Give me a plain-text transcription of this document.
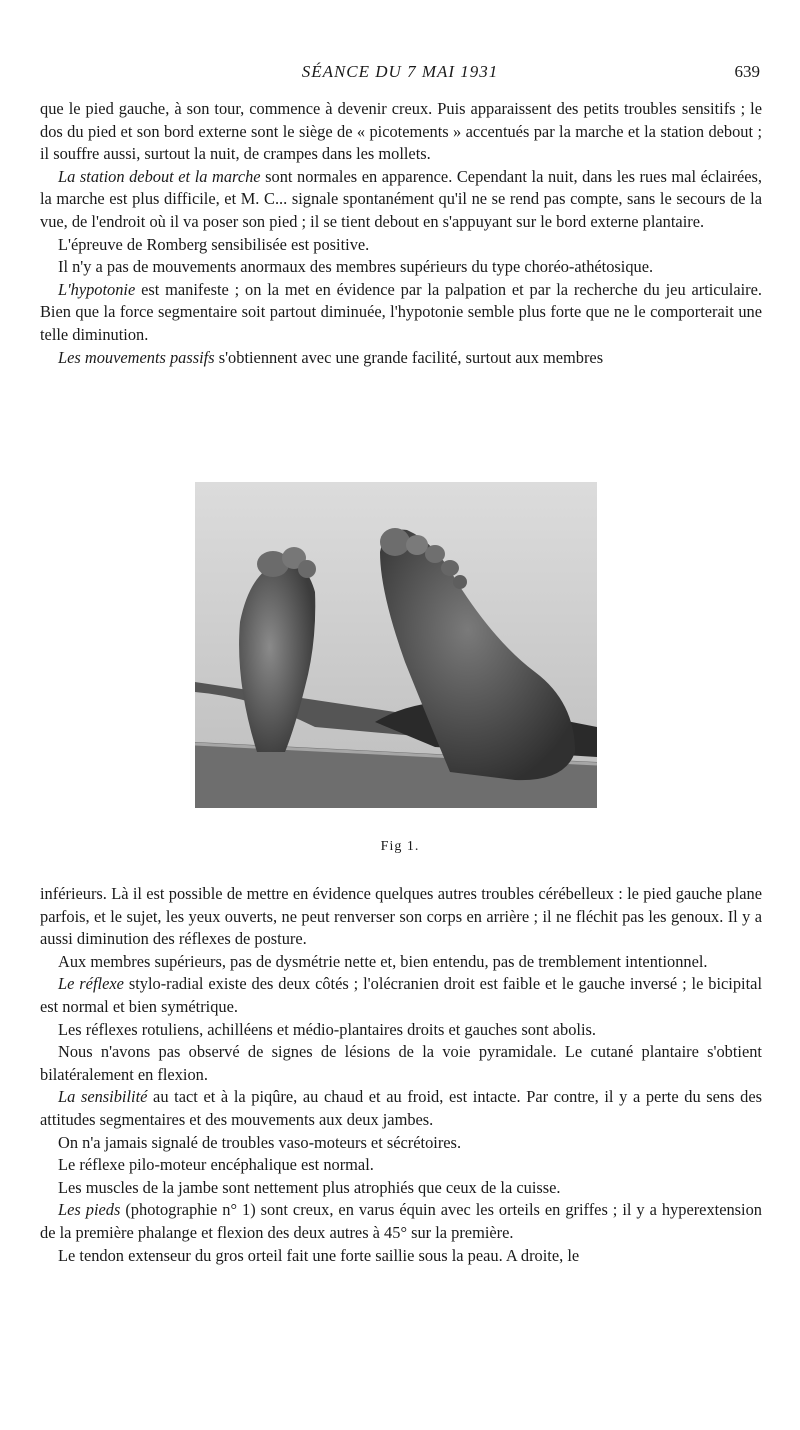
SÉANCE DU 7 MAI 1931	639

que le pied gauche, à son tour, commence à devenir creux. Puis apparaissent des petits troubles sensitifs ; le dos du pied et son bord externe sont le siège de « picotements » accentués par la marche et la station debout ; il souffre aussi, surtout la nuit, de crampes dans les mollets.

La station debout et la marche sont normales en apparence. Cependant la nuit, dans les rues mal éclairées, la marche est plus difficile, et M. C... signale spontanément qu'il ne se rend pas compte, sans le secours de la vue, de l'endroit où il va poser son pied ; il se tient debout en s'appuyant sur le bord externe plantaire.

L'épreuve de Romberg sensibilisée est positive.

Il n'y a pas de mouvements anormaux des membres supérieurs du type choréo-athétosique.

L'hypotonie est manifeste ; on la met en évidence par la palpation et par la recherche du jeu articulaire. Bien que la force segmentaire soit partout diminuée, l'hypotonie semble plus forte que ne le comporterait une telle diminution.

Les mouvements passifs s'obtiennent avec une grande facilité, surtout aux membres

Fig 1.

inférieurs. Là il est possible de mettre en évidence quelques autres troubles cérébelleux : le pied gauche plane parfois, et le sujet, les yeux ouverts, ne peut renverser son corps en arrière ; il ne fléchit pas les genoux. Il y a aussi diminution des réflexes de posture.

Aux membres supérieurs, pas de dysmétrie nette et, bien entendu, pas de tremblement intentionnel.

Le réflexe stylo-radial existe des deux côtés ; l'olécranien droit est faible et le gauche inversé ; le bicipital est normal et bien symétrique.

Les réflexes rotuliens, achilléens et médio-plantaires droits et gauches sont abolis.

Nous n'avons pas observé de signes de lésions de la voie pyramidale. Le cutané plantaire s'obtient bilatéralement en flexion.

La sensibilité au tact et à la piqûre, au chaud et au froid, est intacte. Par contre, il y a perte du sens des attitudes segmentaires et des mouvements aux deux jambes.

On n'a jamais signalé de troubles vaso-moteurs et sécrétoires.

Le réflexe pilo-moteur encéphalique est normal.

Les muscles de la jambe sont nettement plus atrophiés que ceux de la cuisse.

Les pieds (photographie n° 1) sont creux, en varus équin avec les orteils en griffes ; il y a hyperextension de la première phalange et flexion des deux autres à 45° sur la première.

Le tendon extenseur du gros orteil fait une forte saillie sous la peau. A droite, le
